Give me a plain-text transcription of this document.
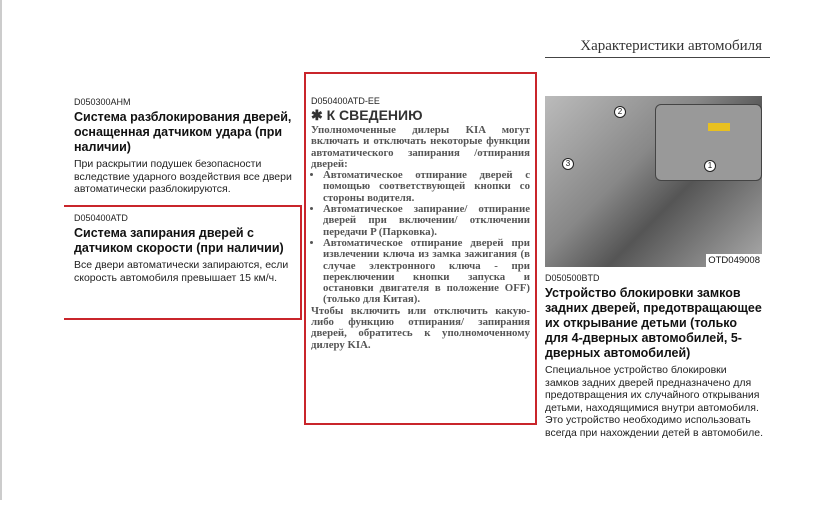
Характеристики автомобиля
D050300AHM
Система разблокирования дверей, оснащенная датчиком удара (при наличии)
При раскрытии подушек безопасности вследствие ударного воздействия все двери автоматически разблокируются.
D050400ATD
Система запирания дверей с датчиком скорости (при наличии)
Все двери автоматически запираются, если скорость автомобиля превышает 15 км/ч.
D050400ATD-EE
✱ К СВЕДЕНИЮ
Уполномоченные дилеры KIA могут включать и отключать некоторые функции автоматического запирания /отпирания дверей:
• Автоматическое отпирание дверей с помощью соответствующей кнопки со стороны водителя.
• Автоматическое запирание/ отпирание дверей при включении/ отключении передачи P (Парковка).
• Автоматическое отпирание дверей при извлечении ключа из замка зажигания (в случае электронного ключа - при переключении кнопки запуска и остановки двигателя в положение OFF) (только для Китая).
Чтобы включить или отключить какую-либо функцию отпирания/ запирания дверей, обратитесь к уполномоченному дилеру KIA.
1
2
3
OTD049008
D050500BTD
Устройство блокировки замков задних дверей, предотвращающее их открывание детьми (только для 4-дверных автомобилей, 5-дверных автомобилей)
Специальное устройство блокировки замков задних дверей предназначено для предотвращения их случайного открывания детьми, находящимися внутри автомобиля. Это устройство необходимо использовать всегда при нахождении детей в автомобиле.
